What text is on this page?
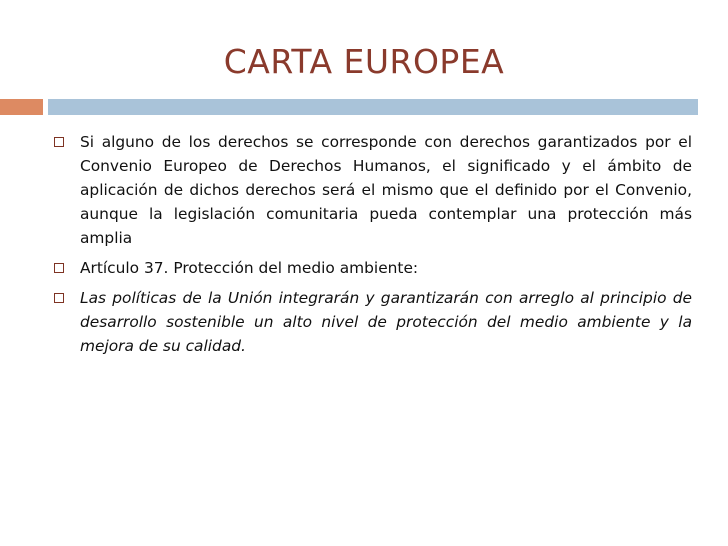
CARTA EUROPEA
Si alguno de los derechos se corresponde con derechos garantizados por el Convenio Europeo de Derechos Humanos, el significado y el ámbito de aplicación de dichos derechos será el mismo que el definido por el Convenio, aunque la legislación comunitaria pueda contemplar una protección más amplia
Artículo 37. Protección del medio ambiente:
Las políticas de la Unión integrarán y garantizarán con arreglo al principio de desarrollo sostenible un alto nivel de protección del medio ambiente y la mejora de su calidad.
